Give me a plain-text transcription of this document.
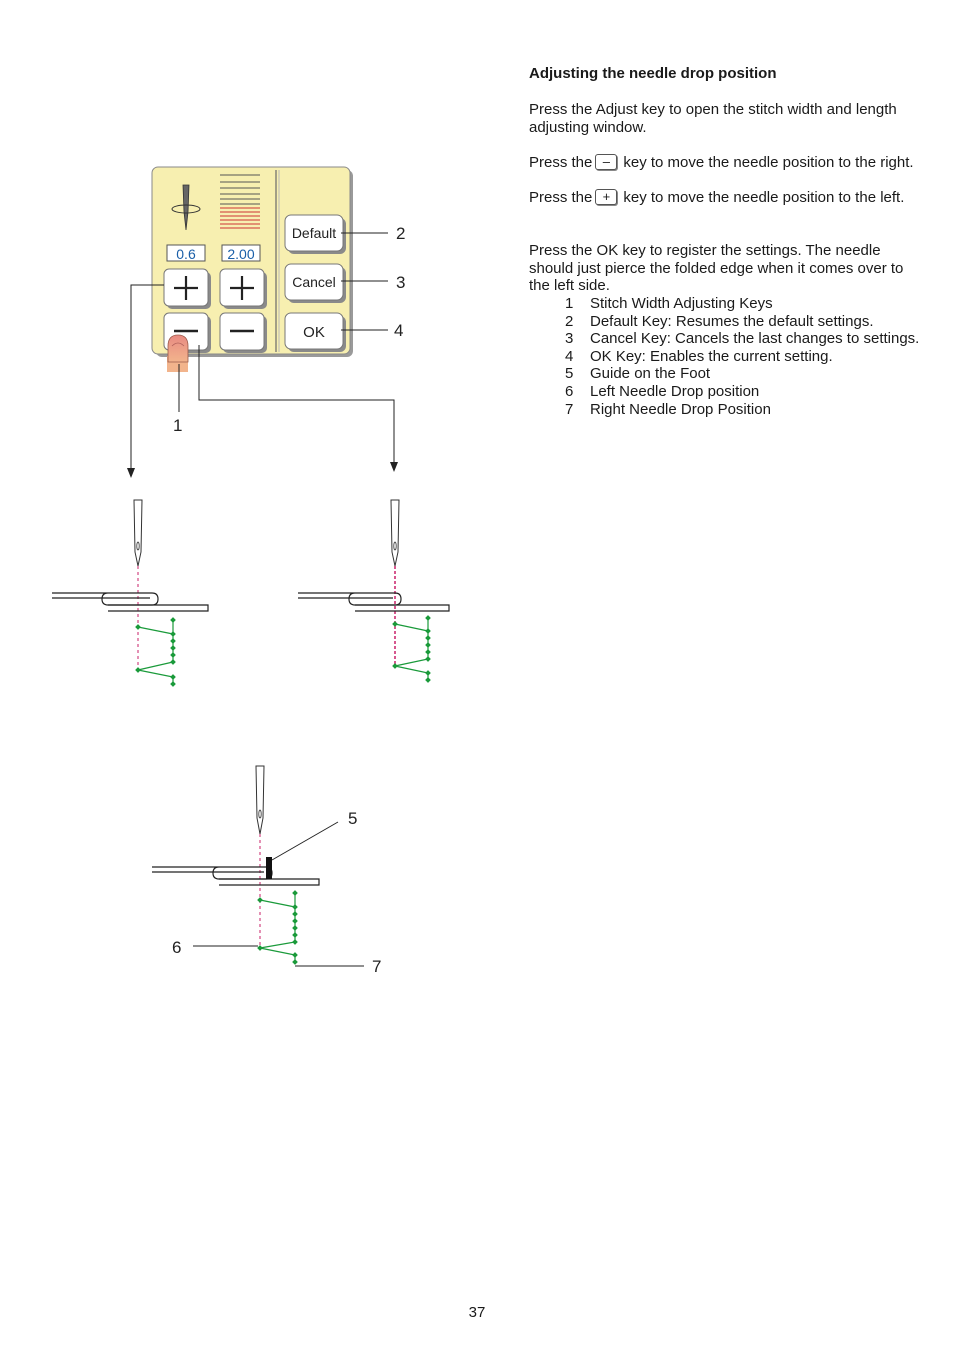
0.6 2.00
Default
Cancel
OK
2
3
4
1
5
6
7
Adjusting the needle drop position
Press the Adjust key to open the stitch width and length adjusting window.
Press the – key to move the needle position to the right.
Press the + key to move the needle position to the left.
Press the OK key to register the settings. The needle should just pierce the folded edge when it comes over to the left side.
1	Stitch Width Adjusting Keys
2	Default Key: Resumes the default settings.
3	Cancel Key: Cancels the last changes to settings.
4	OK Key: Enables the current setting.
5	Guide on the Foot
6	Left Needle Drop position
7	Right Needle Drop Position
37
